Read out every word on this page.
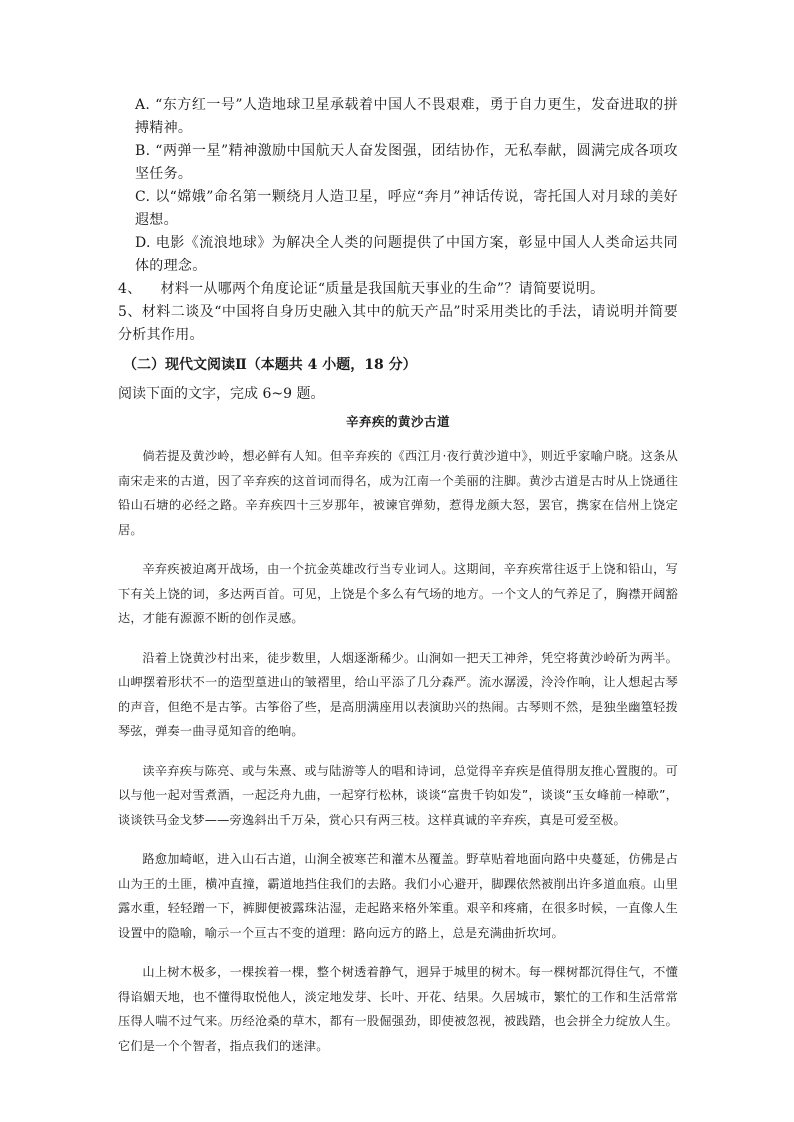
A. “东方红一号”人造地球卫星承载着中国人不畏艰难，勇于自力更生，发奋进取的拼搏精神。

B. “两弹一星”精神激励中国航天人奋发图强，团结协作，无私奉献，圆满完成各项攻坚任务。

C. 以“嫦娥”命名第一颗绕月人造卫星，呼应“奔月”神话传说，寄托国人对月球的美好遐想。

D. 电影《流浪地球》为解决全人类的问题提供了中国方案，彰显中国人人类命运共同体的理念。

4、 材料一从哪两个角度论证“质量是我国航天事业的生命”？请简要说明。

5、材料二谈及“中国将自身历史融入其中的航天产品”时采用类比的手法，请说明并简要分析其作用。

（二）现代文阅读Ⅱ（本题共 4 小题，18 分）

阅读下面的文字，完成 6~9 题。

辛弃疾的黄沙古道

倘若提及黄沙岭，想必鲜有人知。但辛弃疾的《西江月·夜行黄沙道中》，则近乎家喻户晓。这条从南宋走来的古道，因了辛弃疾的这首词而得名，成为江南一个美丽的注脚。黄沙古道是古时从上饶通往铅山石塘的必经之路。辛弃疾四十三岁那年，被谏官弹劾，惹得龙颜大怒，罢官，携家在信州上饶定居。

辛弃疾被迫离开战场，由一个抗金英雄改行当专业词人。这期间，辛弃疾常往返于上饶和铅山，写下有关上饶的词，多达两百首。可见，上饶是个多么有气场的地方。一个文人的气养足了，胸襟开阔豁达，才能有源源不断的创作灵感。

沿着上饶黄沙村出来，徒步数里，人烟逐渐稀少。山涧如一把天工神斧，凭空将黄沙岭斫为两半。山岬摆着形状不一的造型葟进山的皱褶里，给山平添了几分森严。流水潺湲，泠泠作响，让人想起古琴的声音，但绝不是古筝。古筝俗了些，是高朋满座用以表演助兴的热闹。古琴则不然，是独坐幽篁轻拨琴弦，弹奏一曲寻觅知音的绝响。

读辛弃疾与陈亮、或与朱熹、或与陆游等人的唱和诗词，总觉得辛弃疾是值得朋友推心置腹的。可以与他一起对雪煮酒，一起泛舟九曲，一起穿行松林，谈谈“富贵千钧如发”，谈谈“玉女峰前一棹歌”，谈谈铁马金戈梦——旁逸斜出千万朵，赏心只有两三枝。这样真诚的辛弃疾，真是可爱至极。

路愈加崎岖，进入山石古道，山涧全被寒芒和灌木丛覆盖。野草贴着地面向路中央蔓延，仿佛是占山为王的土匪，横冲直撞，霸道地挡住我们的去路。我们小心避开，脚踝依然被削出许多道血痕。山里露水重，轻轻蹭一下，裤脚便被露珠沾湿，走起路来格外笨重。艰辛和疼痛，在很多时候，一直像人生设置中的隐喻，喻示一个亘古不变的道理：路向远方的路上，总是充满曲折坎坷。

山上树木极多，一棵挨着一棵，整个树透着静气，迥异于城里的树木。每一棵树都沉得住气，不懂得谄媚天地，也不懂得取悦他人，淡定地发芽、长叶、开花、结果。久居城市，繁忙的工作和生活常常压得人喘不过气来。历经沧桑的草木，都有一股倔强劲，即使被忽视，被践踏，也会拼全力绽放人生。它们是一个个智者，指点我们的迷津。
